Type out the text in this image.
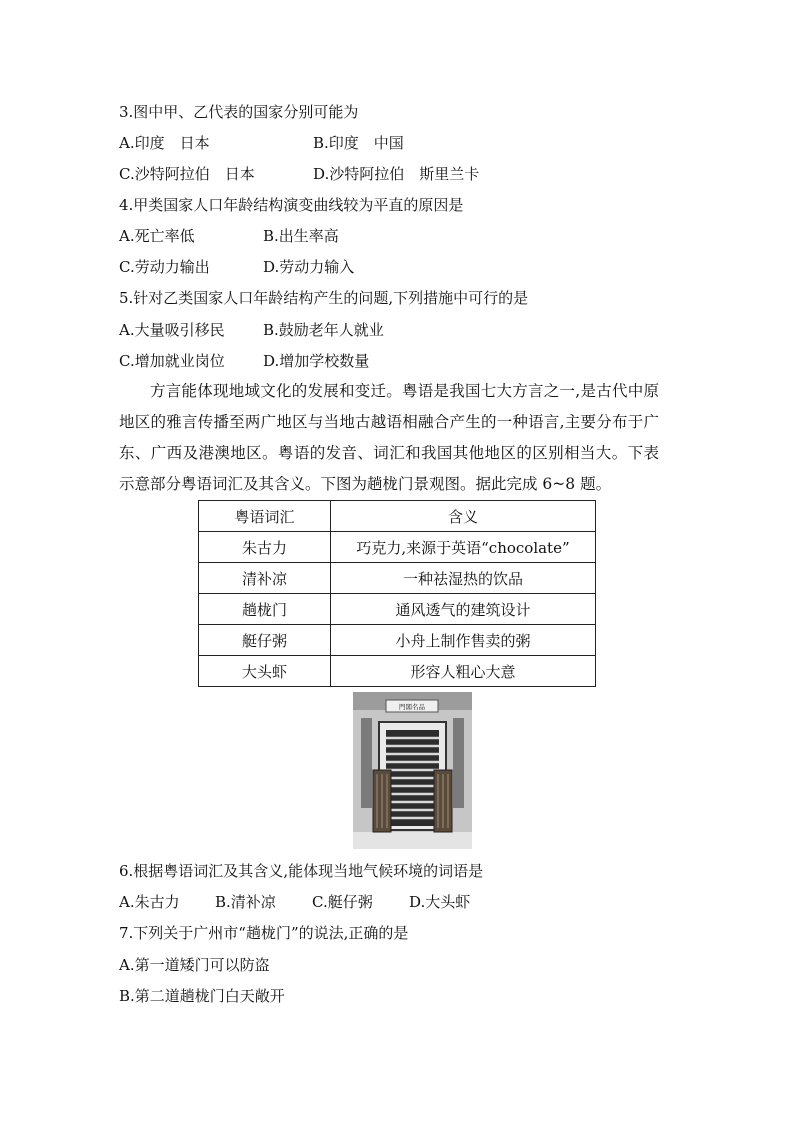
3.图中甲、乙代表的国家分别可能为
A.印度　日本	B.印度　中国
C.沙特阿拉伯　日本	D.沙特阿拉伯　斯里兰卡
4.甲类国家人口年龄结构演变曲线较为平直的原因是
A.死亡率低	B.出生率高
C.劳动力输出	D.劳动力输入
5.针对乙类国家人口年龄结构产生的问题,下列措施中可行的是
A.大量吸引移民	B.鼓励老年人就业
C.增加就业岗位	D.增加学校数量
方言能体现地域文化的发展和变迁。粤语是我国七大方言之一,是古代中原地区的雅言传播至两广地区与当地古越语相融合产生的一种语言,主要分布于广东、广西及港澳地区。粤语的发音、词汇和我国其他地区的区别相当大。下表示意部分粤语词汇及其含义。下图为趟栊门景观图。据此完成 6~8 题。
粤语词汇	含义
朱古力	巧克力,来源于英语“chocolate”
清补凉	一种祛湿热的饮品
趟栊门	通风透气的建筑设计
艇仔粥	小舟上制作售卖的粥
大头虾	形容人粗心大意
門閣名品
6.根据粤语词汇及其含义,能体现当地气候环境的词语是
A.朱古力 B.清补凉 C.艇仔粥 D.大头虾
7.下列关于广州市“趟栊门”的说法,正确的是
A.第一道矮门可以防盗
B.第二道趟栊门白天敞开
